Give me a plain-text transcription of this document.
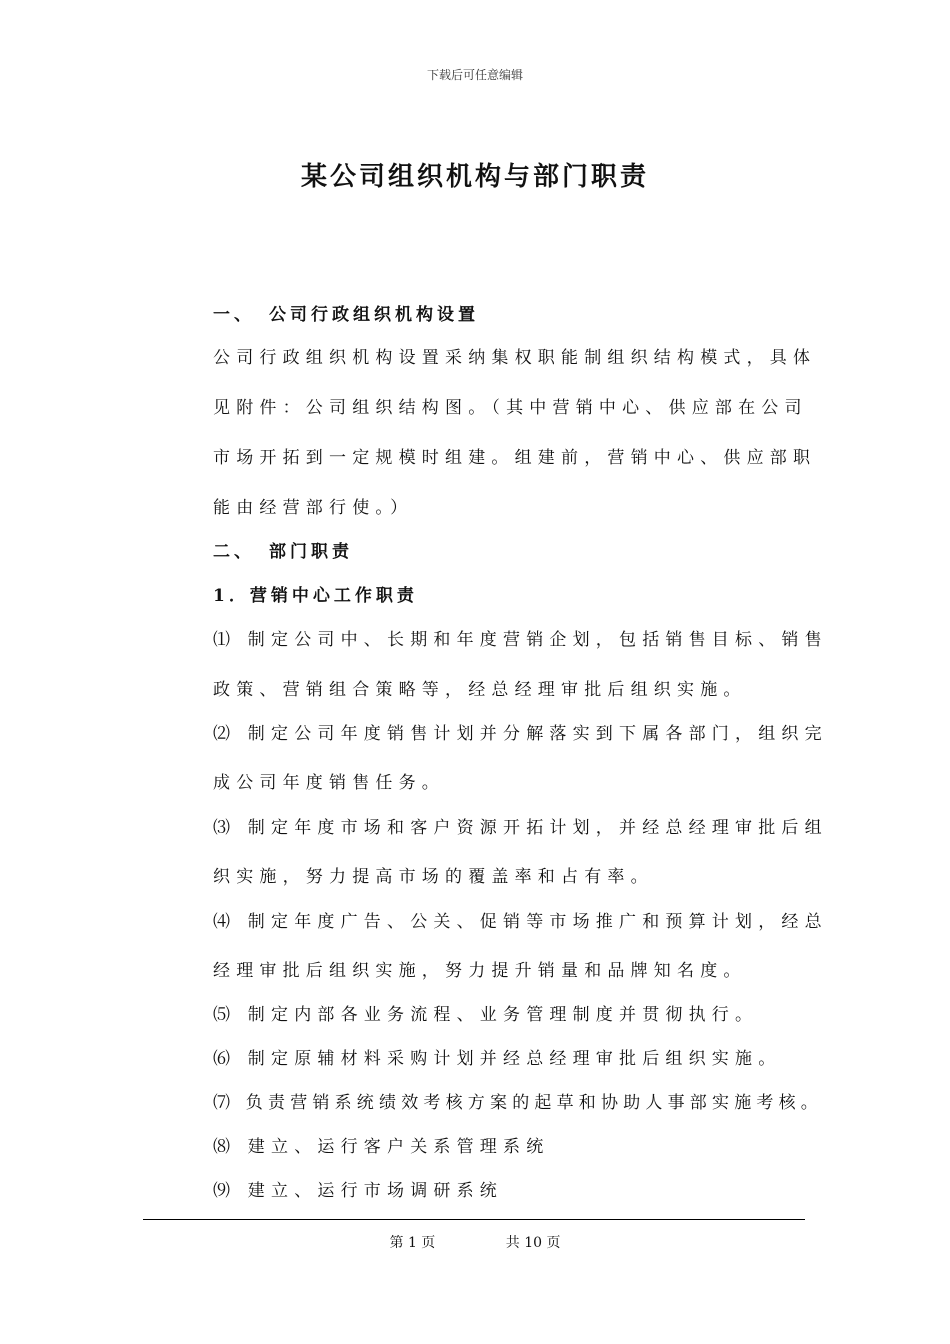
下载后可任意编辑
某公司组织机构与部门职责
一、 公司行政组织机构设置
公司行政组织机构设置采纳集权职能制组织结构模式，具体
见附件：公司组织结构图。（其中营销中心、供应部在公司
市场开拓到一定规模时组建。组建前，营销中心、供应部职
能由经营部行使。）
二、 部门职责
1．营销中心工作职责
⑴ 制定公司中、长期和年度营销企划，包括销售目标、销售
政策、营销组合策略等，经总经理审批后组织实施。
⑵ 制定公司年度销售计划并分解落实到下属各部门，组织完
成公司年度销售任务。
⑶ 制定年度市场和客户资源开拓计划，并经总经理审批后组
织实施，努力提高市场的覆盖率和占有率。
⑷ 制定年度广告、公关、促销等市场推广和预算计划，经总
经理审批后组织实施，努力提升销量和品牌知名度。
⑸ 制定内部各业务流程、业务管理制度并贯彻执行。
⑹ 制定原辅材料采购计划并经总经理审批后组织实施。
⑺ 负责营销系统绩效考核方案的起草和协助人事部实施考核。
⑻ 建立、运行客户关系管理系统
⑼ 建立、运行市场调研系统
第 1 页	共 10 页
